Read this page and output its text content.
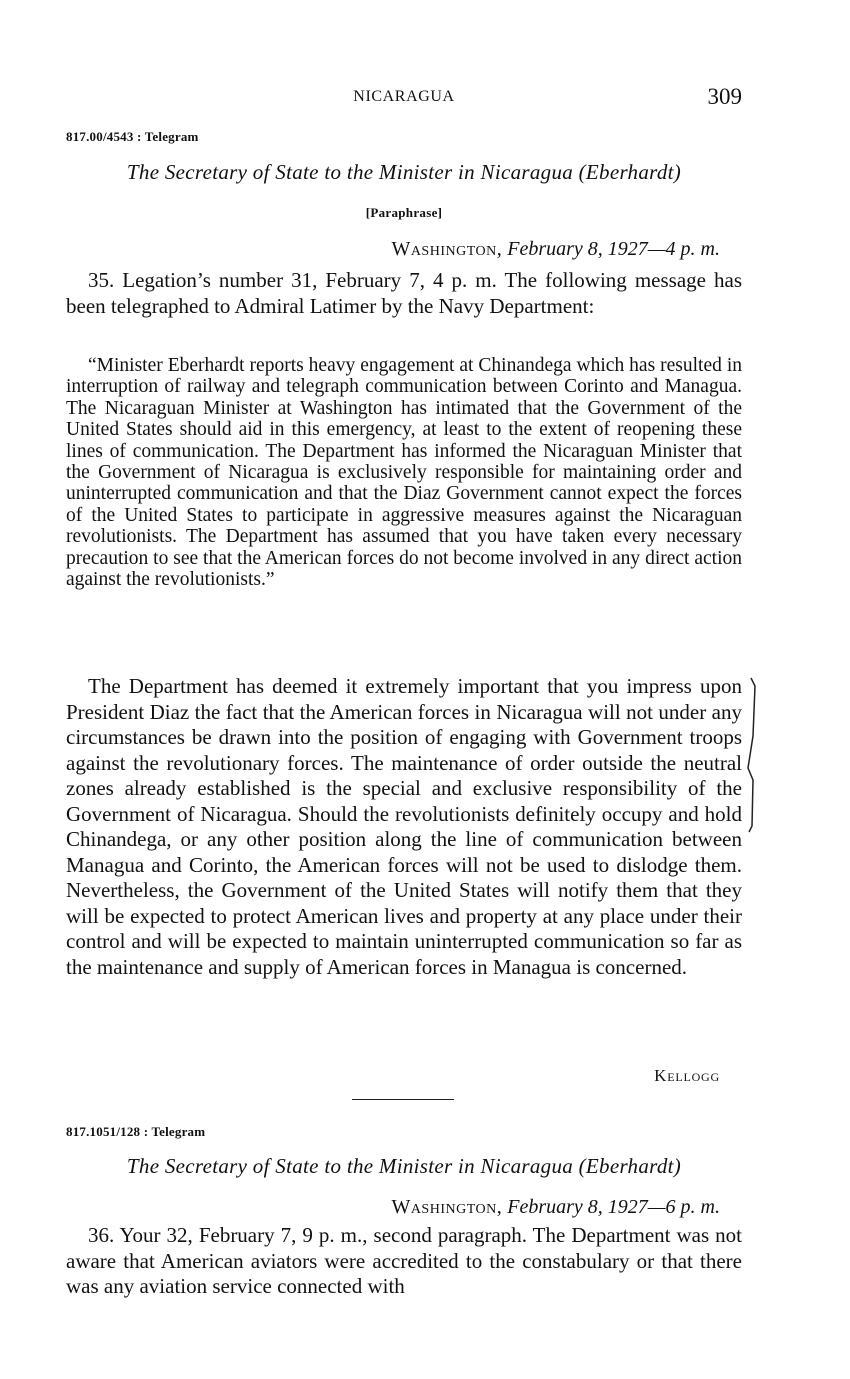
NICARAGUA	309
817.00/4543 : Telegram
The Secretary of State to the Minister in Nicaragua (Eberhardt)
[Paraphrase]
Washington, February 8, 1927—4 p. m.

35. Legation’s number 31, February 7, 4 p. m. The following message has been telegraphed to Admiral Latimer by the Navy Department:

“Minister Eberhardt reports heavy engagement at Chinandega which has resulted in interruption of railway and telegraph communication between Corinto and Managua. The Nicaraguan Minister at Washington has intimated that the Government of the United States should aid in this emergency, at least to the extent of reopening these lines of communication. The Department has informed the Nicaraguan Minister that the Government of Nicaragua is exclusively responsible for maintaining order and uninterrupted communication and that the Diaz Government cannot expect the forces of the United States to participate in aggressive measures against the Nicaraguan revolutionists. The Department has assumed that you have taken every necessary precaution to see that the American forces do not become involved in any direct action against the revolutionists.”

The Department has deemed it extremely important that you impress upon President Diaz the fact that the American forces in Nicaragua will not under any circumstances be drawn into the position of engaging with Government troops against the revolutionary forces. The maintenance of order outside the neutral zones already established is the special and exclusive responsibility of the Government of Nicaragua. Should the revolutionists definitely occupy and hold Chinandega, or any other position along the line of communication between Managua and Corinto, the American forces will not be used to dislodge them. Nevertheless, the Government of the United States will notify them that they will be expected to protect American lives and property at any place under their control and will be expected to maintain uninterrupted communication so far as the maintenance and supply of American forces in Managua is concerned.

Kellogg
817.1051/128 : Telegram
The Secretary of State to the Minister in Nicaragua (Eberhardt)
Washington, February 8, 1927—6 p. m.

36. Your 32, February 7, 9 p. m., second paragraph. The Department was not aware that American aviators were accredited to the constabulary or that there was any aviation service connected with
